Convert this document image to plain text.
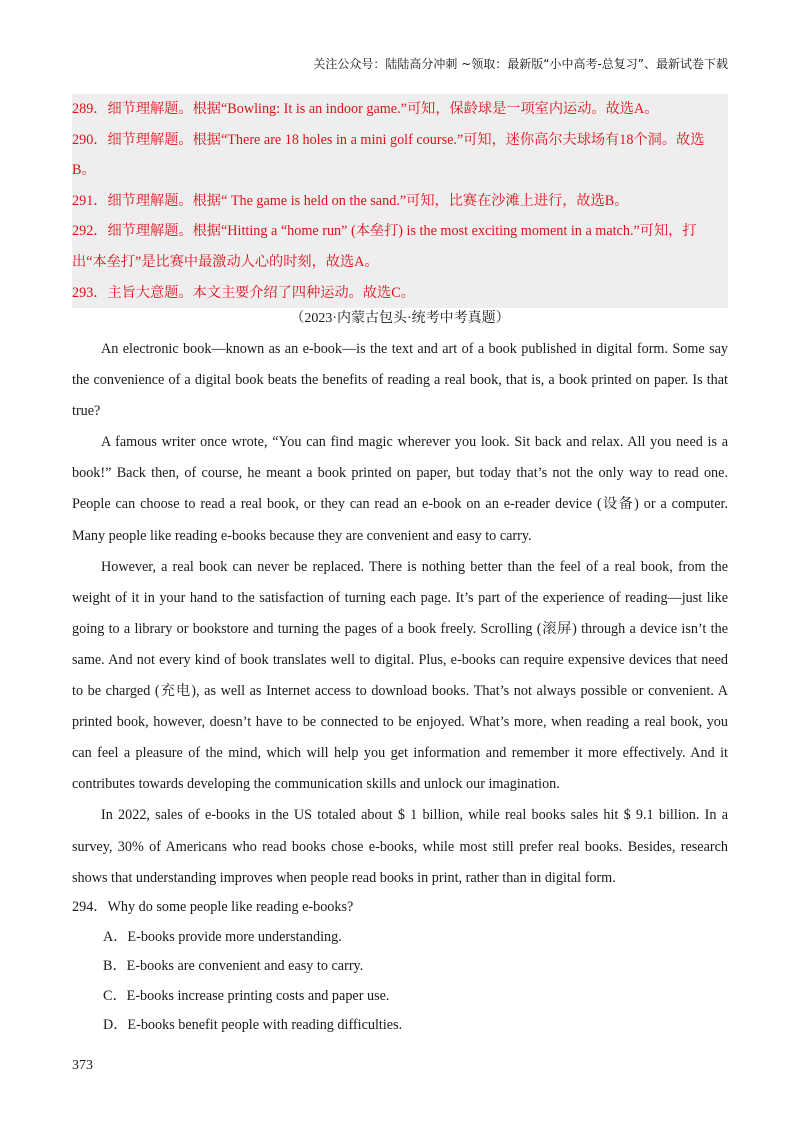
关注公众号：陆陆高分冲刺 ~领取：最新版“小中高考-总复习”、最新试卷下载

289．细节理解题。根据“Bowling: It is an indoor game.”可知，保龄球是一项室内运动。故选A。

290．细节理解题。根据“There are 18 holes in a mini golf course.”可知，迷你高尔夫球场有18个洞。故选B。

291．细节理解题。根据“ The game is held on the sand.”可知，比赛在沙滩上进行，故选B。

292．细节理解题。根据“Hitting a “home run” (本垒打) is the most exciting moment in a match.”可知，打出“本垒打”是比赛中最激动人心的时刻，故选A。

293．主旨大意题。本文主要介绍了四种运动。故选C。

（2023·内蒙古包头·统考中考真题）

An electronic book—known as an e-book—is the text and art of a book published in digital form. Some say the convenience of a digital book beats the benefits of reading a real book, that is, a book printed on paper. Is that true?

A famous writer once wrote, “You can find magic wherever you look. Sit back and relax. All you need is a book!” Back then, of course, he meant a book printed on paper, but today that’s not the only way to read one. People can choose to read a real book, or they can read an e-book on an e-reader device (设备) or a computer. Many people like reading e-books because they are convenient and easy to carry.

However, a real book can never be replaced. There is nothing better than the feel of a real book, from the weight of it in your hand to the satisfaction of turning each page. It’s part of the experience of reading—just like going to a library or bookstore and turning the pages of a book freely. Scrolling (滚屏) through a device isn’t the same. And not every kind of book translates well to digital. Plus, e-books can require expensive devices that need to be charged (充电), as well as Internet access to download books. That’s not always possible or convenient. A printed book, however, doesn’t have to be connected to be enjoyed. What’s more, when reading a real book, you can feel a pleasure of the mind, which will help you get information and remember it more effectively. And it contributes towards developing the communication skills and unlock our imagination.

In 2022, sales of e-books in the US totaled about $ 1 billion, while real books sales hit $ 9.1 billion. In a survey, 30% of Americans who read books chose e-books, while most still prefer real books. Besides, research shows that understanding improves when people read books in print, rather than in digital form.

294．Why do some people like reading e-books?

A．E-books provide more understanding.

B．E-books are convenient and easy to carry.

C．E-books increase printing costs and paper use.

D．E-books benefit people with reading difficulties.

373
